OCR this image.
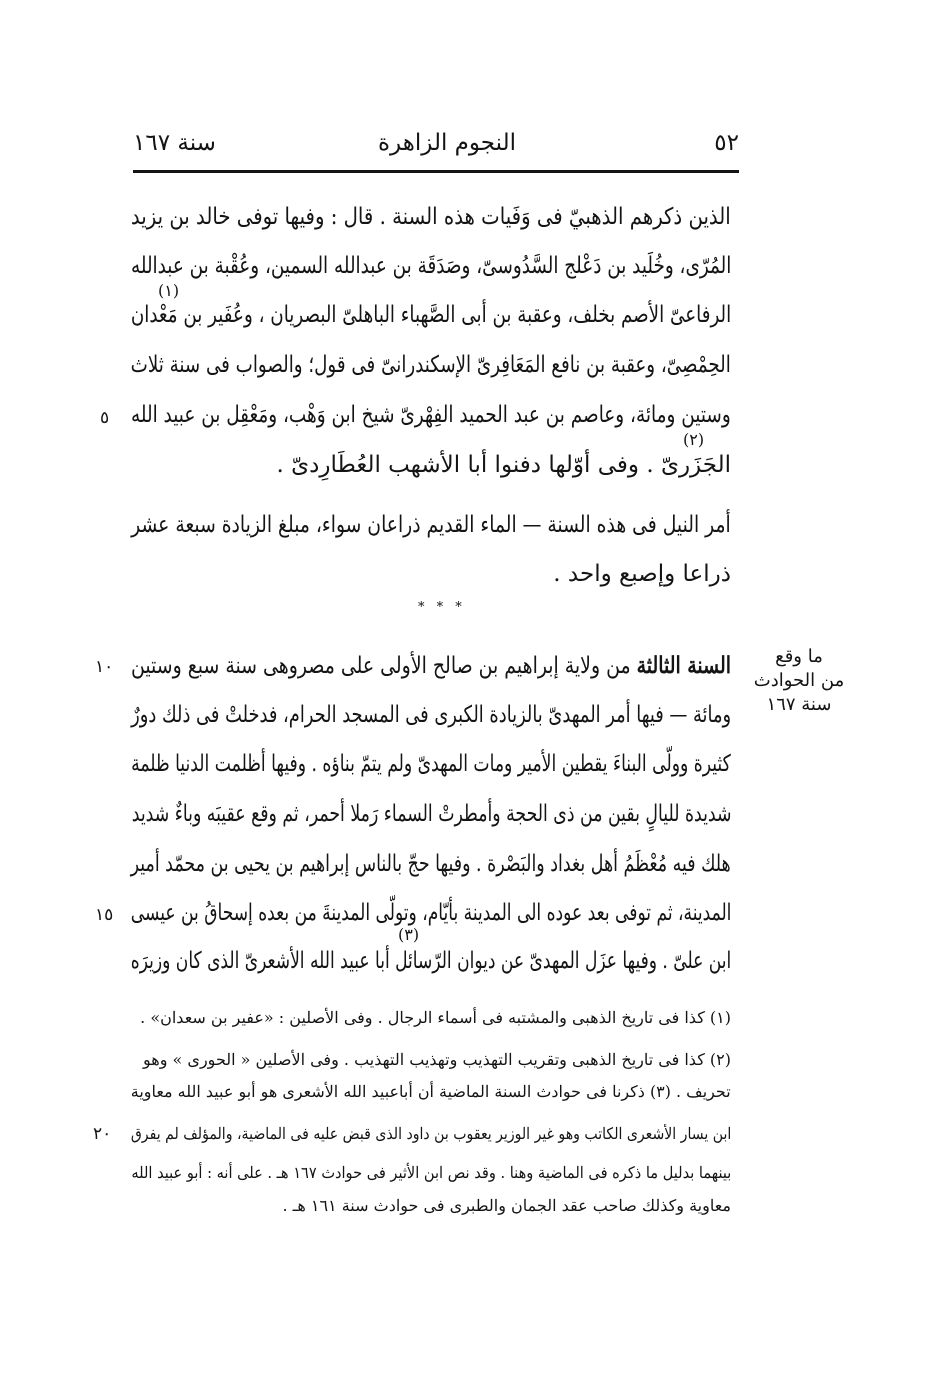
٥٢
النجوم الزاهرة
سنة ١٦٧
الذين ذكرهم الذهبيّ فى وَفَيات هذه السنة . قال : وفيها توفى خالد بن يزيد
المُرّى، وخُلَيد بن دَعْلج السَّدُوسىّ، وصَدَقَة بن عبدالله السمين، وعُقْبة بن عبدالله
(١)
الرفاعىّ الأصم بخلف، وعقبة بن أبى الصَّهباء الباهلىّ البصريان ، وعُفَير بن مَعْدان
الحِمْصِىّ، وعقبة بن نافع المَعَافِرىّ الإسكندرانىّ فى قول؛ والصواب فى سنة ثلاث
وستين ومائة، وعاصم بن عبد الحميد الفِهْرىّ شيخ ابن وَهْب، ومَعْقِل بن عبيد الله
(٢)
الجَزَرىّ . وفى أوّلها دفنوا أبا الأشهب العُطَارِدىّ .
أمر النيل فى هذه السنة — الماء القديم ذراعان سواء، مبلغ الزيادة سبعة عشر
ذراعا وإصبع واحد .
* * *
السنة الثالثة من ولاية إبراهيم بن صالح الأولى على مصروهى سنة سبع وستين
ومائة — فيها أمر المهدىّ بالزيادة الكبرى فى المسجد الحرام، فدخلتْ فى ذلك دورٌ
كثيرة وولّى البناءَ يقطين الأمير ومات المهدىّ ولم يتمّ بناؤه . وفيها أظلمت الدنيا ظلمة
شديدة لليالٍ بقين من ذى الحجة وأمطرتْ السماء رَملا أحمر، ثم وقع عقيبَه وباءٌ شديد
هلك فيه مُعْظَمُ أهل بغداد والبَصْرة . وفيها حجّ بالناس إبراهيم بن يحيى بن محمّد أمير
المدينة، ثم توفى بعد عوده الى المدينة بأيّام، وتولّى المدينةَ من بعده إسحاقُ بن عيسى
(٣)
ابن علىّ . وفيها عزَل المهدىّ عن ديوان الرّسائل أبا عبيد الله الأشعرىّ الذى كان وزيرَه
ما وقع
من الحوادث
سنة ١٦٧
٥
١٠
١٥
٢٠
(١) كذا فى تاريخ الذهبى والمشتبه فى أسماء الرجال . وفى الأصلين : «عفير بن سعدان» .
(٢) كذا فى تاريخ الذهبى وتقريب التهذيب وتهذيب التهذيب . وفى الأصلين « الحورى » وهو
تحريف . (٣) ذكرنا فى حوادث السنة الماضية أن أباعبيد الله الأشعرى هو أبو عبيد الله معاوية
ابن يسار الأشعرى الكاتب وهو غير الوزير يعقوب بن داود الذى قبض عليه فى الماضية، والمؤلف لم يفرق
بينهما بدليل ما ذكره فى الماضية وهنا . وقد نص ابن الأثير فى حوادث ١٦٧ هـ . على أنه : أبو عبيد الله
معاوية وكذلك صاحب عقد الجمان والطبرى فى حوادث سنة ١٦١ هـ .
